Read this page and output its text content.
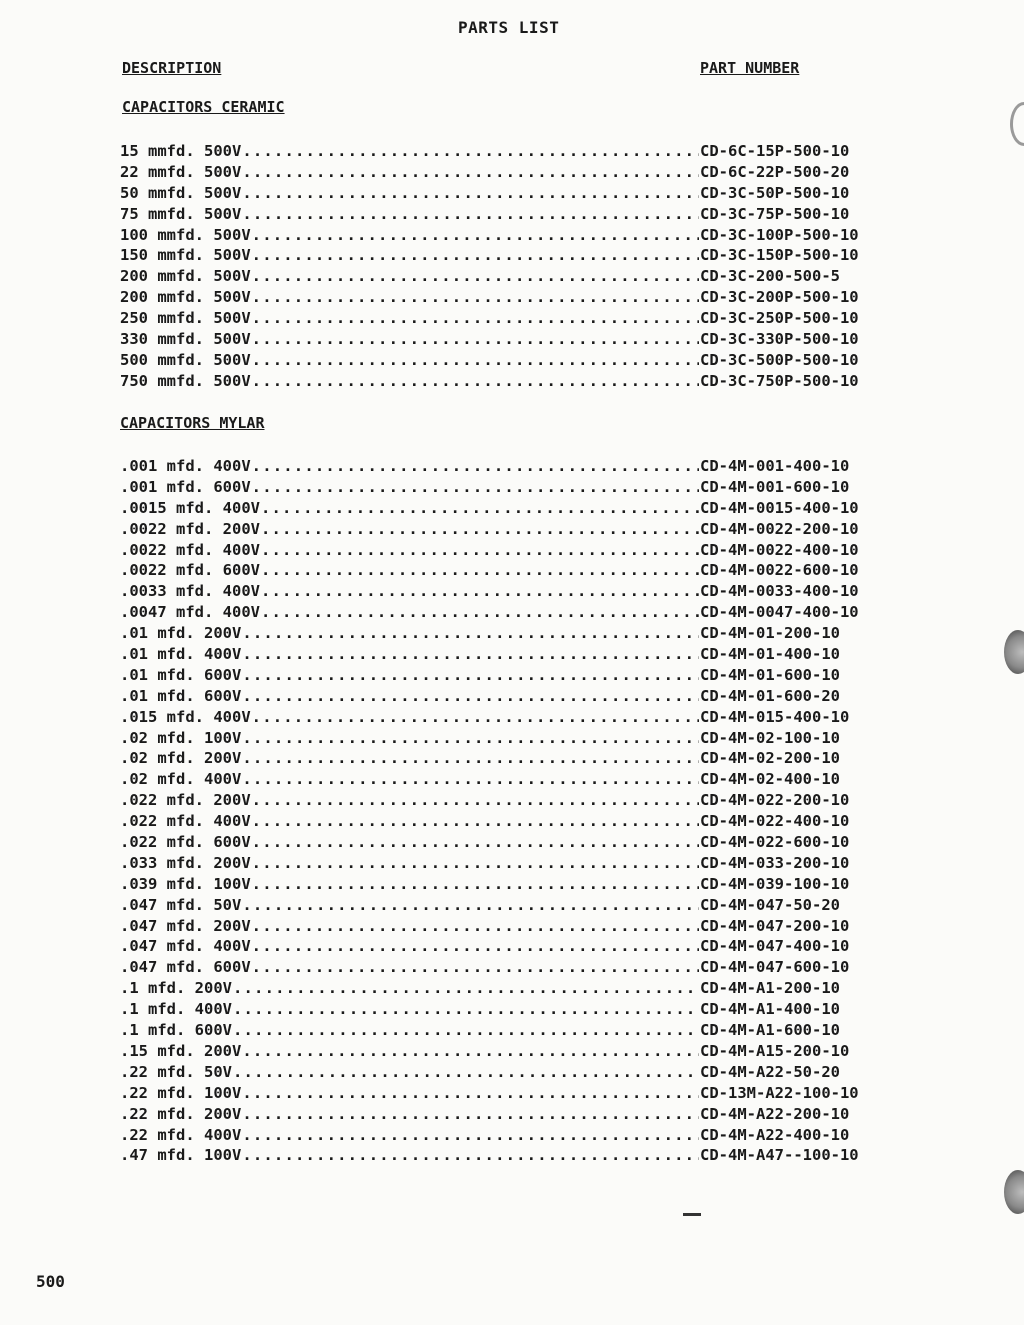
PARTS LIST
DESCRIPTION	PART NUMBER
CAPACITORS CERAMIC
15 mmfd. 500V .....	CD-6C-15P-500-10
22 mmfd. 500V .....	CD-6C-22P-500-20
50 mmfd. 500V .....	CD-3C-50P-500-10
75 mmfd. 500V .....	CD-3C-75P-500-10
100 mmfd. 500V .....	CD-3C-100P-500-10
150 mmfd. 500V .....	CD-3C-150P-500-10
200 mmfd. 500V .....	CD-3C-200-500-5
200 mmfd. 500V .....	CD-3C-200P-500-10
250 mmfd. 500V .....	CD-3C-250P-500-10
330 mmfd. 500V .....	CD-3C-330P-500-10
500 mmfd. 500V .....	CD-3C-500P-500-10
750 mmfd. 500V .....	CD-3C-750P-500-10
CAPACITORS MYLAR
.001 mfd. 400V .....	CD-4M-001-400-10
.001 mfd. 600V .....	CD-4M-001-600-10
.0015 mfd. 400V .....	CD-4M-0015-400-10
.0022 mfd. 200V .....	CD-4M-0022-200-10
.0022 mfd. 400V .....	CD-4M-0022-400-10
.0022 mfd. 600V .....	CD-4M-0022-600-10
.0033 mfd. 400V .....	CD-4M-0033-400-10
.0047 mfd. 400V .....	CD-4M-0047-400-10
.01 mfd. 200V .....	CD-4M-01-200-10
.01 mfd. 400V .....	CD-4M-01-400-10
.01 mfd. 600V .....	CD-4M-01-600-10
.01 mfd. 600V .....	CD-4M-01-600-20
.015 mfd. 400V .....	CD-4M-015-400-10
.02 mfd. 100V .....	CD-4M-02-100-10
.02 mfd. 200V .....	CD-4M-02-200-10
.02 mfd. 400V .....	CD-4M-02-400-10
.022 mfd. 200V .....	CD-4M-022-200-10
.022 mfd. 400V .....	CD-4M-022-400-10
.022 mfd. 600V .....	CD-4M-022-600-10
.033 mfd. 200V .....	CD-4M-033-200-10
.039 mfd. 100V .....	CD-4M-039-100-10
.047 mfd. 50V .....	CD-4M-047-50-20
.047 mfd. 200V .....	CD-4M-047-200-10
.047 mfd. 400V .....	CD-4M-047-400-10
.047 mfd. 600V .....	CD-4M-047-600-10
.1 mfd. 200V .....	CD-4M-A1-200-10
.1 mfd. 400V .....	CD-4M-A1-400-10
.1 mfd. 600V .....	CD-4M-A1-600-10
.15 mfd. 200V .....	CD-4M-A15-200-10
.22 mfd. 50V .....	CD-4M-A22-50-20
.22 mfd. 100V .....	CD-13M-A22-100-10
.22 mfd. 200V .....	CD-4M-A22-200-10
.22 mfd. 400V .....	CD-4M-A22-400-10
.47 mfd. 100V .....	CD-4M-A47--100-10
500
